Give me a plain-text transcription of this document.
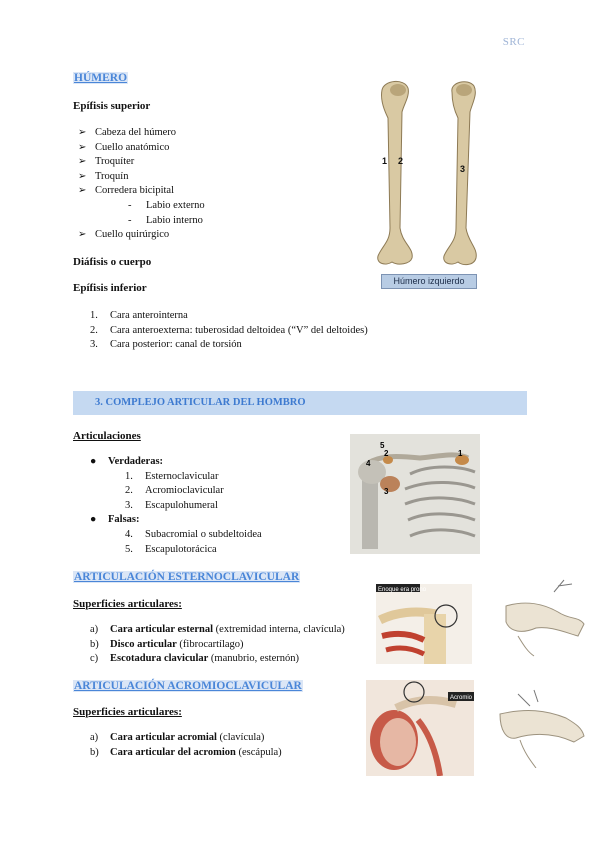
SRC
HÚMERO
Epífisis superior
➢ Cabeza del húmero
➢ Cuello anatómico
➢ Troquíter
➢ Troquín
➢ Corredera bicipital
- Labio externo
- Labio interno
➢ Cuello quirúrgico
Diáfisis o cuerpo
Epífisis inferior
1. Cara anterointerna
2. Cara anteroexterna: tuberosidad deltoidea (“V” del deltoides)
3. Cara posterior: canal de torsión
1 2
3
Húmero izquierdo
3. COMPLEJO ARTICULAR DEL HOMBRO
Articulaciones
● Verdaderas:
1. Esternoclavicular
2. Acromioclavicular
3. Escapulohumeral
● Falsas:
4. Subacromial o subdeltoidea
5. Escapulotorácica
5
2
4
3
1
ARTICULACIÓN ESTERNOCLAVICULAR
Superficies articulares:
a) Cara articular esternal (extremidad interna, clavícula)
b) Disco articular (fibrocartílago)
c) Escotadura clavicular (manubrio, esternón)
Enoque era prono
ARTICULACIÓN ACROMIOCLAVICULAR
Superficies articulares:
a) Cara articular acromial (clavícula)
b) Cara articular del acromion (escápula)
Acromio
